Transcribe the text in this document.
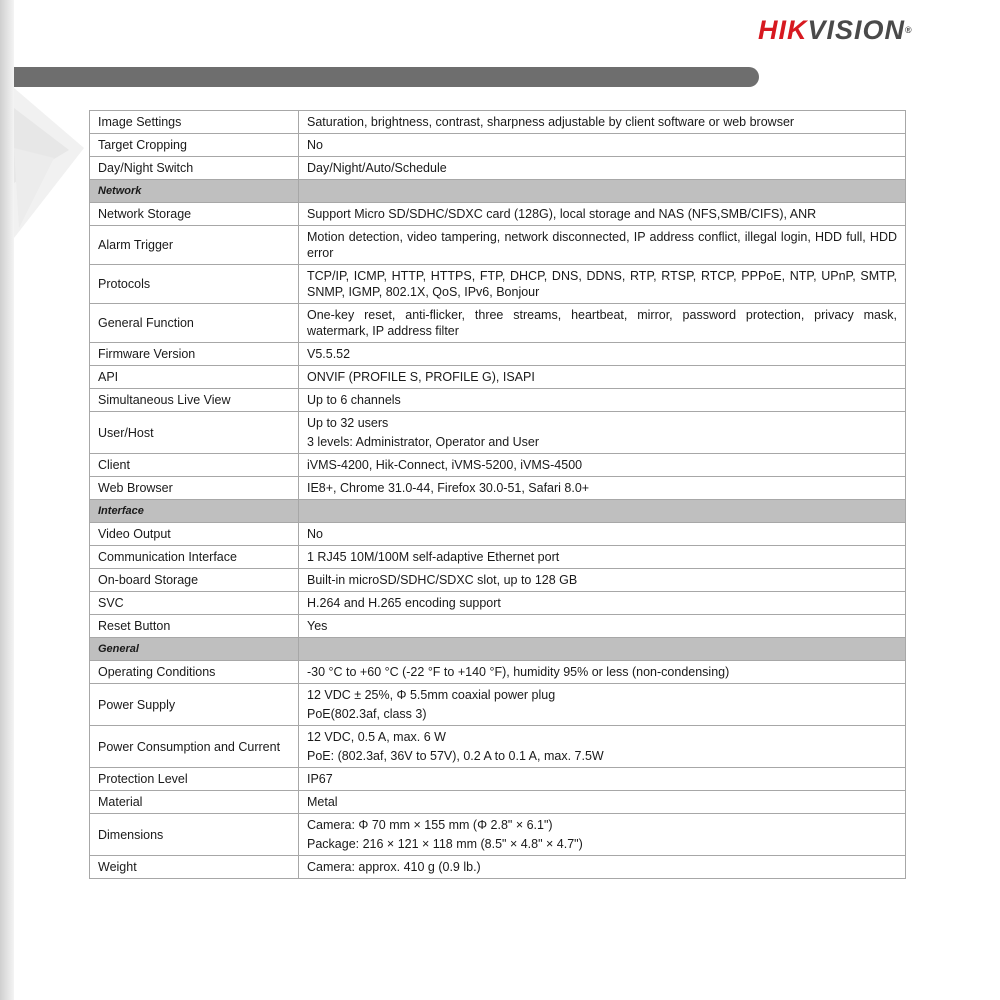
HIKVISION®
Image Settings	Saturation, brightness, contrast, sharpness adjustable by client software or web browser

Target Cropping	No

Day/Night Switch	Day/Night/Auto/Schedule

Network	
Network Storage	Support Micro SD/SDHC/SDXC card (128G), local storage and NAS (NFS,SMB/CIFS), ANR

Alarm Trigger	Motion detection, video tampering, network disconnected, IP address conflict, illegal login, HDD full, HDD error

Protocols	TCP/IP, ICMP, HTTP, HTTPS, FTP, DHCP, DNS, DDNS, RTP, RTSP, RTCP, PPPoE, NTP, UPnP, SMTP, SNMP, IGMP, 802.1X, QoS, IPv6, Bonjour

General Function	One-key reset, anti-flicker, three streams, heartbeat, mirror, password protection, privacy mask, watermark, IP address filter

Firmware Version	V5.5.52

API	ONVIF (PROFILE S, PROFILE G), ISAPI

Simultaneous Live View	Up to 6 channels

User/Host	Up to 32 users
3 levels: Administrator, Operator and User

Client	iVMS-4200, Hik-Connect, iVMS-5200, iVMS-4500

Web Browser	IE8+, Chrome 31.0-44, Firefox 30.0-51, Safari 8.0+

Interface	
Video Output	No

Communication Interface	1 RJ45 10M/100M self-adaptive Ethernet port

On-board Storage	Built-in microSD/SDHC/SDXC slot, up to 128 GB

SVC	H.264 and H.265 encoding support

Reset Button	Yes

General	
Operating Conditions	-30 °C to +60 °C (-22 °F to +140 °F), humidity 95% or less (non-condensing)

Power Supply	12 VDC ± 25%, Φ 5.5mm coaxial power plug
PoE(802.3af, class 3)

Power Consumption and Current	12 VDC, 0.5 A, max. 6 W
PoE: (802.3af, 36V to 57V), 0.2 A to 0.1 A, max. 7.5W

Protection Level	IP67

Material	Metal

Dimensions	Camera: Φ 70 mm × 155 mm (Φ 2.8" × 6.1")
Package: 216 × 121 × 118 mm (8.5" × 4.8" × 4.7")

Weight	Camera: approx. 410 g (0.9 lb.)
